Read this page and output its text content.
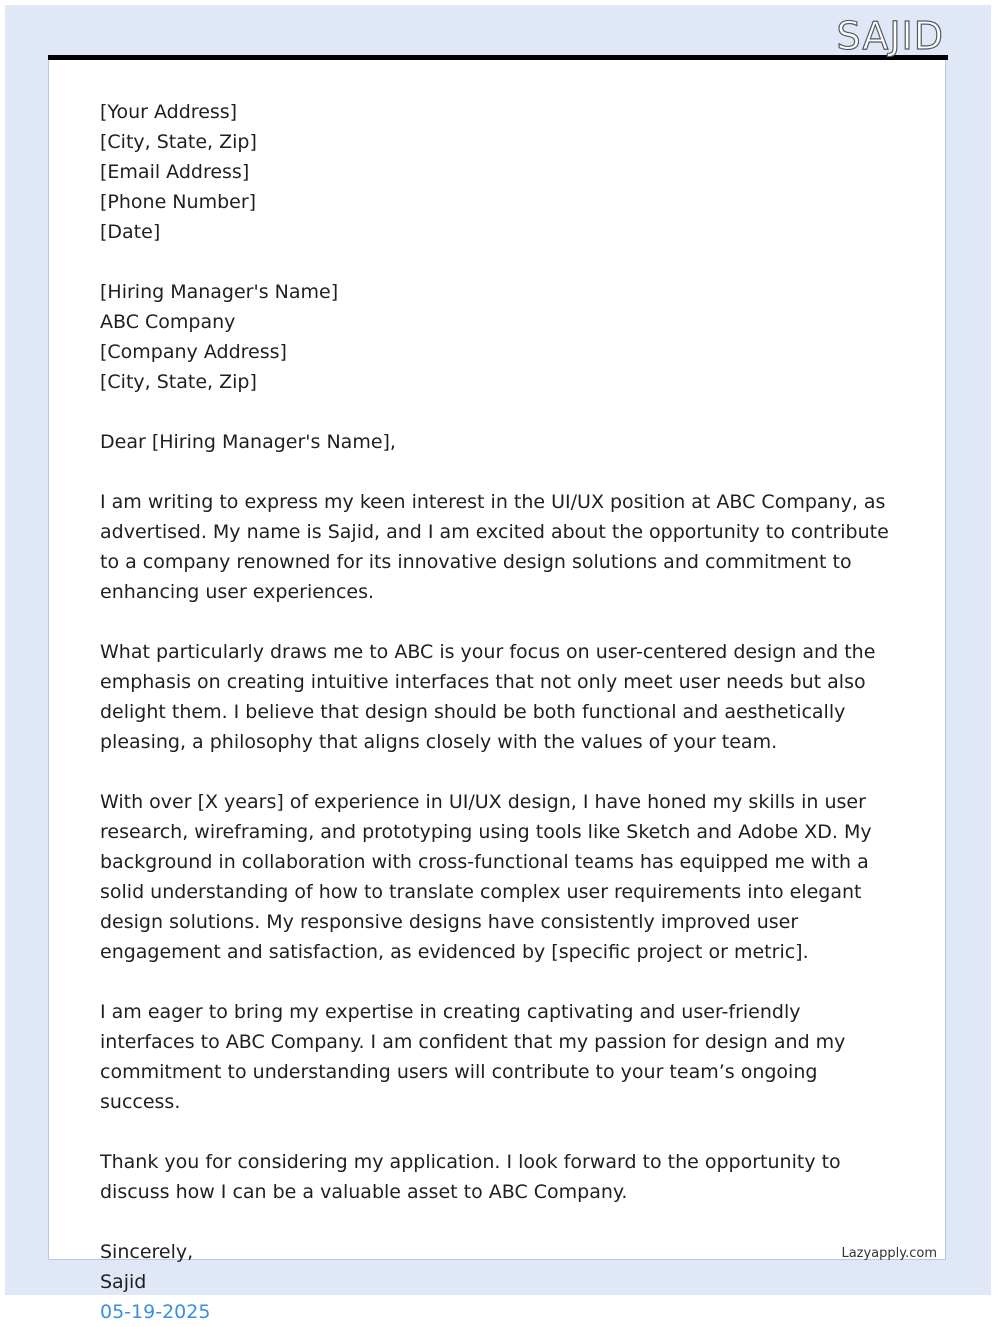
SAJID
[Your Address]
[City, State, Zip]
[Email Address]
[Phone Number]
[Date]
[Hiring Manager's Name]
ABC Company
[Company Address]
[City, State, Zip]
Dear [Hiring Manager's Name],
I am writing to express my keen interest in the UI/UX position at ABC Company, as advertised. My name is Sajid, and I am excited about the opportunity to contribute to a company renowned for its innovative design solutions and commitment to enhancing user experiences.
What particularly draws me to ABC is your focus on user-centered design and the emphasis on creating intuitive interfaces that not only meet user needs but also delight them. I believe that design should be both functional and aesthetically pleasing, a philosophy that aligns closely with the values of your team.
With over [X years] of experience in UI/UX design, I have honed my skills in user research, wireframing, and prototyping using tools like Sketch and Adobe XD. My background in collaboration with cross-functional teams has equipped me with a solid understanding of how to translate complex user requirements into elegant design solutions. My responsive designs have consistently improved user engagement and satisfaction, as evidenced by [specific project or metric].
I am eager to bring my expertise in creating captivating and user-friendly interfaces to ABC Company. I am confident that my passion for design and my commitment to understanding users will contribute to your team’s ongoing success.
Thank you for considering my application. I look forward to the opportunity to discuss how I can be a valuable asset to ABC Company.
Sincerely,
Sajid
05-19-2025
Lazyapply.com
